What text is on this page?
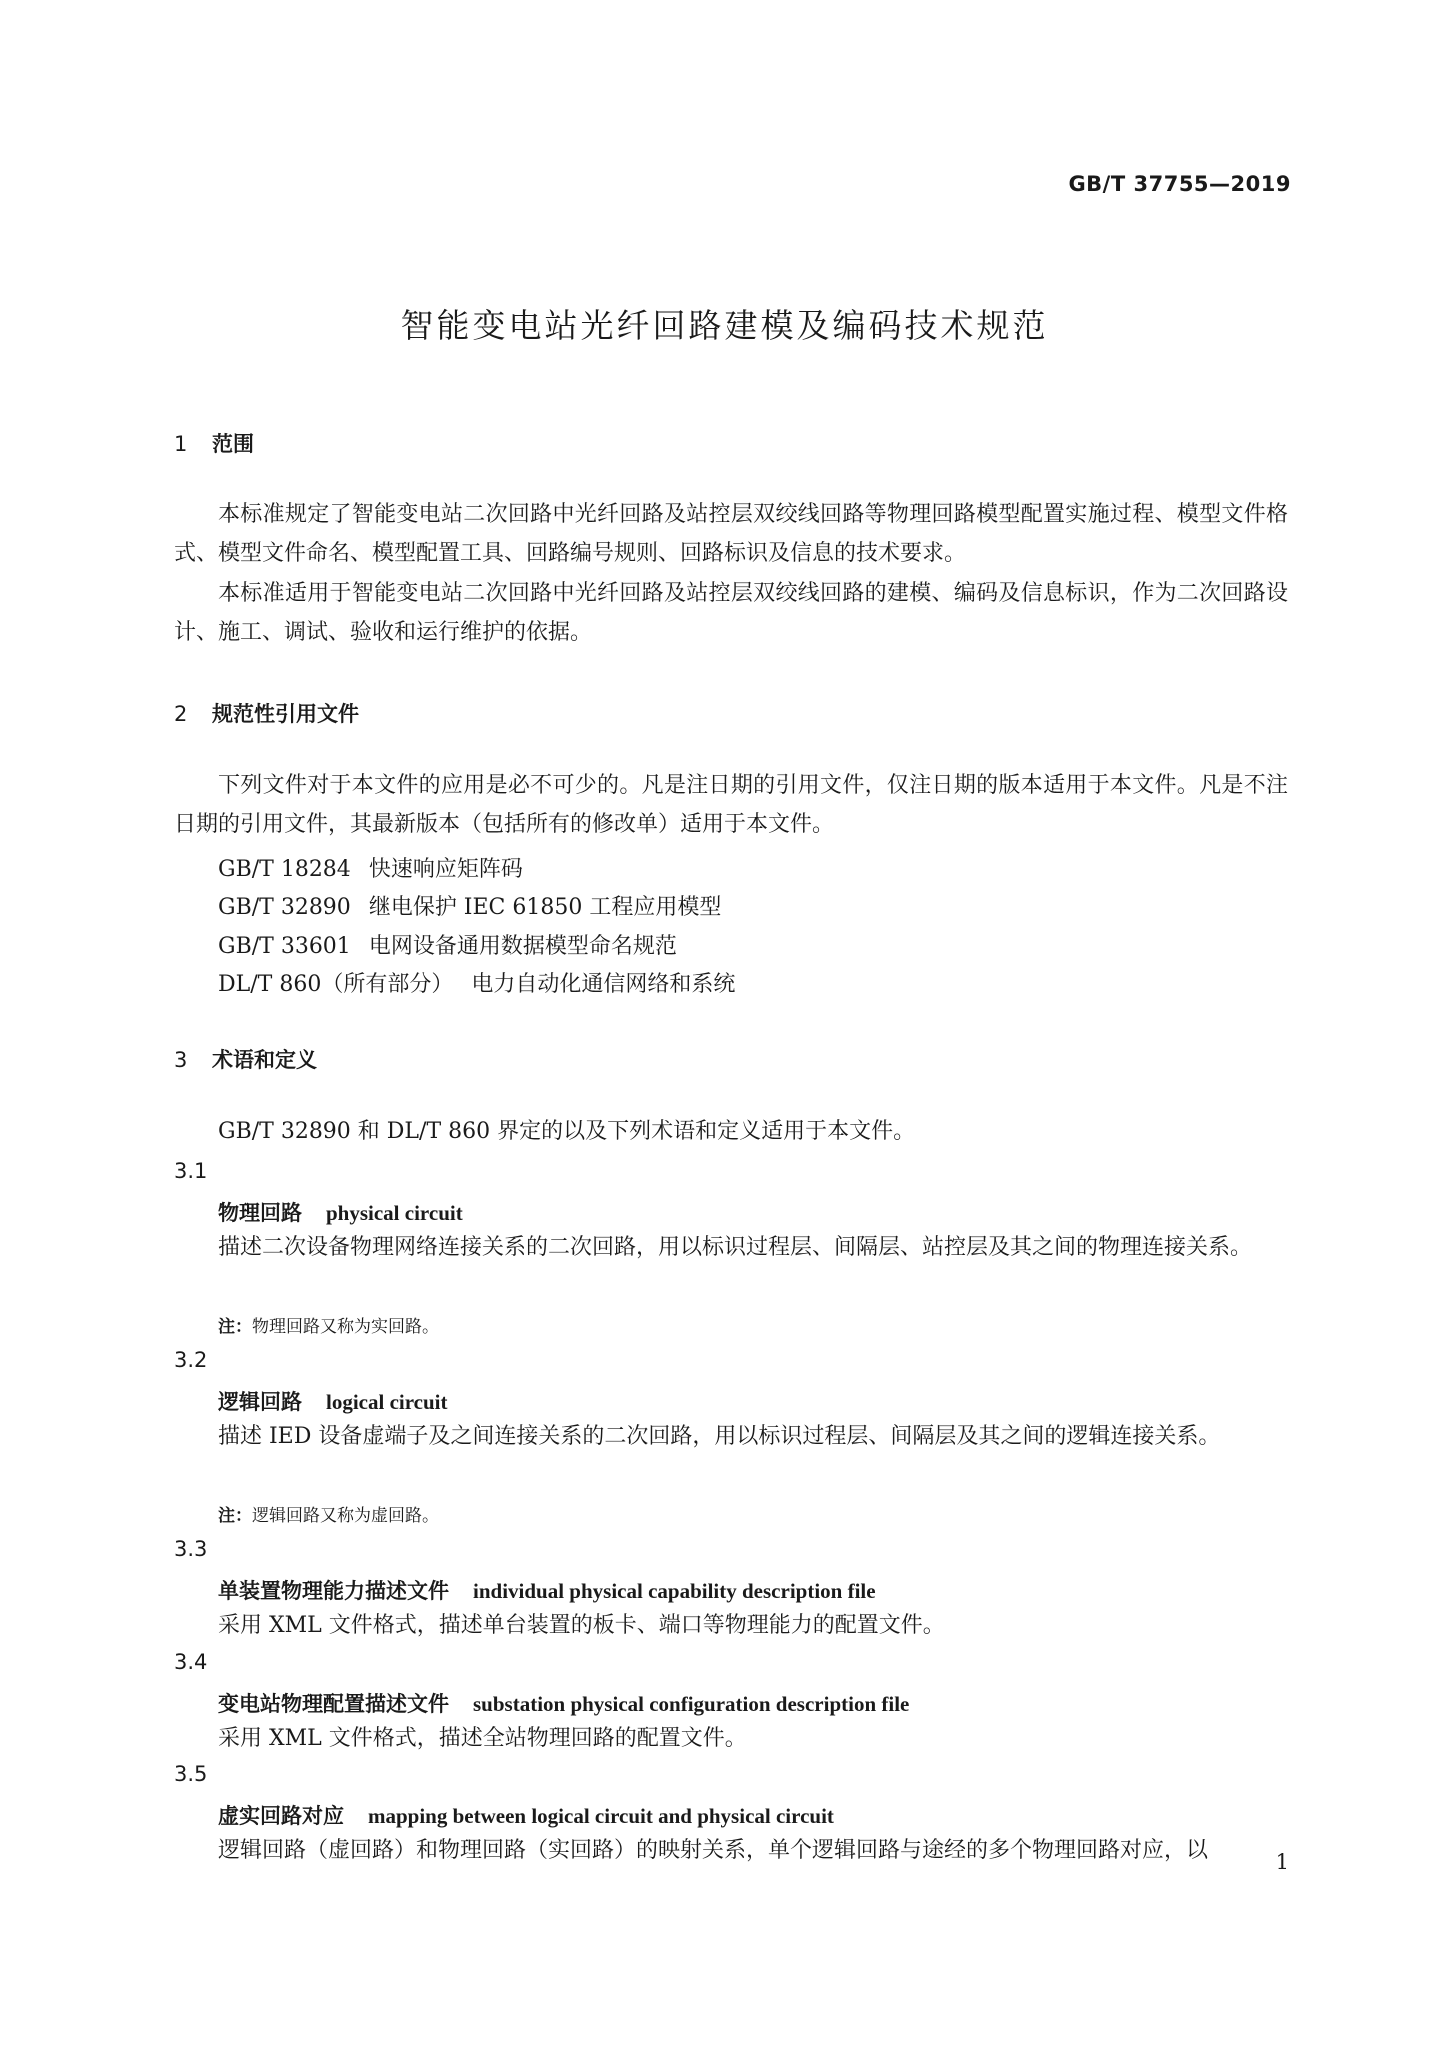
GB/T 37755—2019
智能变电站光纤回路建模及编码技术规范
1 范围
本标准规定了智能变电站二次回路中光纤回路及站控层双绞线回路等物理回路模型配置实施过程、模型文件格式、模型文件命名、模型配置工具、回路编号规则、回路标识及信息的技术要求。
本标准适用于智能变电站二次回路中光纤回路及站控层双绞线回路的建模、编码及信息标识，作为二次回路设计、施工、调试、验收和运行维护的依据。
2 规范性引用文件
下列文件对于本文件的应用是必不可少的。凡是注日期的引用文件，仅注日期的版本适用于本文件。凡是不注日期的引用文件，其最新版本（包括所有的修改单）适用于本文件。
GB/T 18284 快速响应矩阵码
GB/T 32890 继电保护 IEC 61850 工程应用模型
GB/T 33601 电网设备通用数据模型命名规范
DL/T 860（所有部分） 电力自动化通信网络和系统
3 术语和定义
GB/T 32890 和 DL/T 860 界定的以及下列术语和定义适用于本文件。
3.1
物理回路 physical circuit
描述二次设备物理网络连接关系的二次回路，用以标识过程层、间隔层、站控层及其之间的物理连接关系。
注：物理回路又称为实回路。
3.2
逻辑回路 logical circuit
描述 IED 设备虚端子及之间连接关系的二次回路，用以标识过程层、间隔层及其之间的逻辑连接关系。
注：逻辑回路又称为虚回路。
3.3
单装置物理能力描述文件 individual physical capability description file
采用 XML 文件格式，描述单台装置的板卡、端口等物理能力的配置文件。
3.4
变电站物理配置描述文件 substation physical configuration description file
采用 XML 文件格式，描述全站物理回路的配置文件。
3.5
虚实回路对应 mapping between logical circuit and physical circuit
逻辑回路（虚回路）和物理回路（实回路）的映射关系，单个逻辑回路与途经的多个物理回路对应，以	1
